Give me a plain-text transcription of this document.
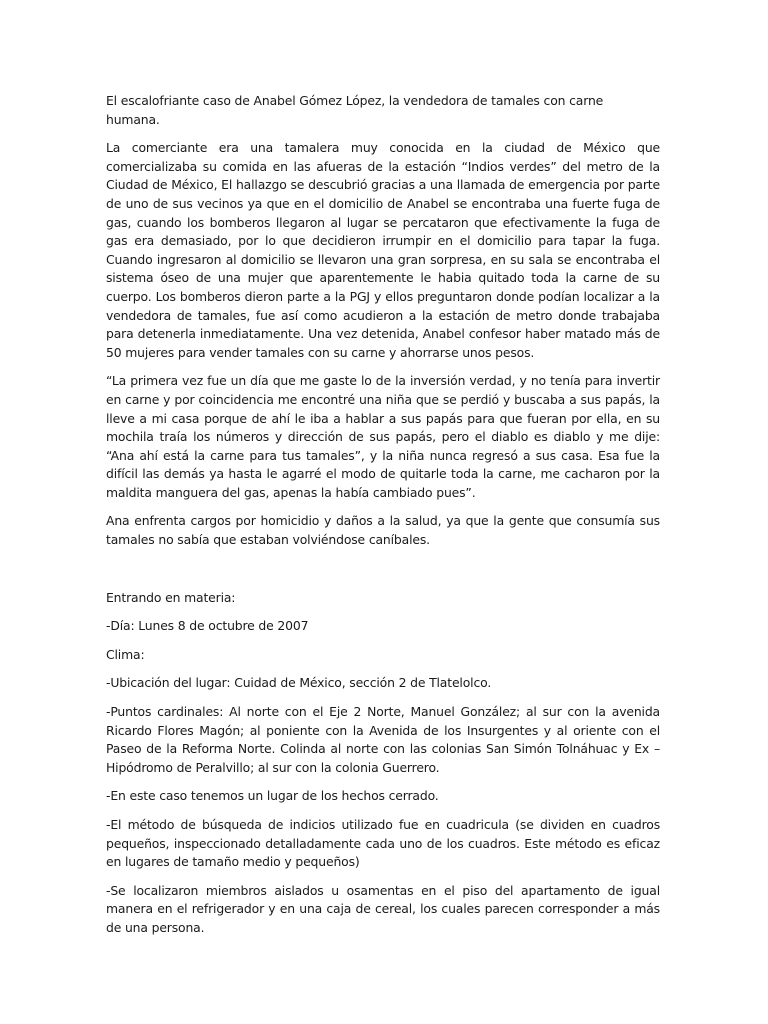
El escalofriante caso de Anabel Gómez López, la vendedora de tamales con carne humana.

La comerciante era una tamalera muy conocida en la ciudad de México que comercializaba su comida en las afueras de la estación “Indios verdes” del metro de la Ciudad de México, El hallazgo se descubrió gracias a una llamada de emergencia por parte de uno de sus vecinos ya que en el domicilio de Anabel se encontraba una fuerte fuga de gas, cuando los bomberos llegaron al lugar se percataron que efectivamente la fuga de gas era demasiado, por lo que decidieron irrumpir en el domicilio para tapar la fuga. Cuando ingresaron al domicilio se llevaron una gran sorpresa, en su sala se encontraba el sistema óseo de una mujer que aparentemente le habia quitado toda la carne de su cuerpo. Los bomberos dieron parte a la PGJ y ellos preguntaron donde podían localizar a la vendedora de tamales, fue así como acudieron a la estación de metro donde trabajaba para detenerla inmediatamente. Una vez detenida, Anabel confesor haber matado más de 50 mujeres para vender tamales con su carne y ahorrarse unos pesos.

“La primera vez fue un día que me gaste lo de la inversión verdad, y no tenía para invertir en carne y por coincidencia me encontré una niña que se perdió y buscaba a sus papás, la lleve a mi casa porque de ahí le iba a hablar a sus papás para que fueran por ella, en su mochila traía los números y dirección de sus papás, pero el diablo es diablo y me dije: “Ana ahí está la carne para tus tamales”, y la niña nunca regresó a sus casa. Esa fue la difícil las demás ya hasta le agarré el modo de quitarle toda la carne, me cacharon por la maldita manguera del gas, apenas la había cambiado pues”.

Ana enfrenta cargos por homicidio y daños a la salud, ya que la gente que consumía sus tamales no sabía que estaban volviéndose caníbales.

Entrando en materia:

-Día: Lunes 8 de octubre de 2007

Clima:

-Ubicación del lugar: Cuidad de México, sección 2 de Tlatelolco.

-Puntos cardinales: Al norte con el Eje 2 Norte, Manuel González; al sur con la avenida Ricardo Flores Magón; al poniente con la Avenida de los Insurgentes y al oriente con el Paseo de la Reforma Norte. Colinda al norte con las colonias San Simón Tolnáhuac y Ex – Hipódromo de Peralvillo; al sur con la colonia Guerrero.

-En este caso tenemos un lugar de los hechos cerrado.

-El método de búsqueda de indicios utilizado fue en cuadricula (se dividen en cuadros pequeños, inspeccionado detalladamente cada uno de los cuadros. Este método es eficaz en lugares de tamaño medio y pequeños)

-Se localizaron miembros aislados u osamentas en el piso del apartamento de igual manera en el refrigerador y en una caja de cereal, los cuales parecen corresponder a más de una persona.
